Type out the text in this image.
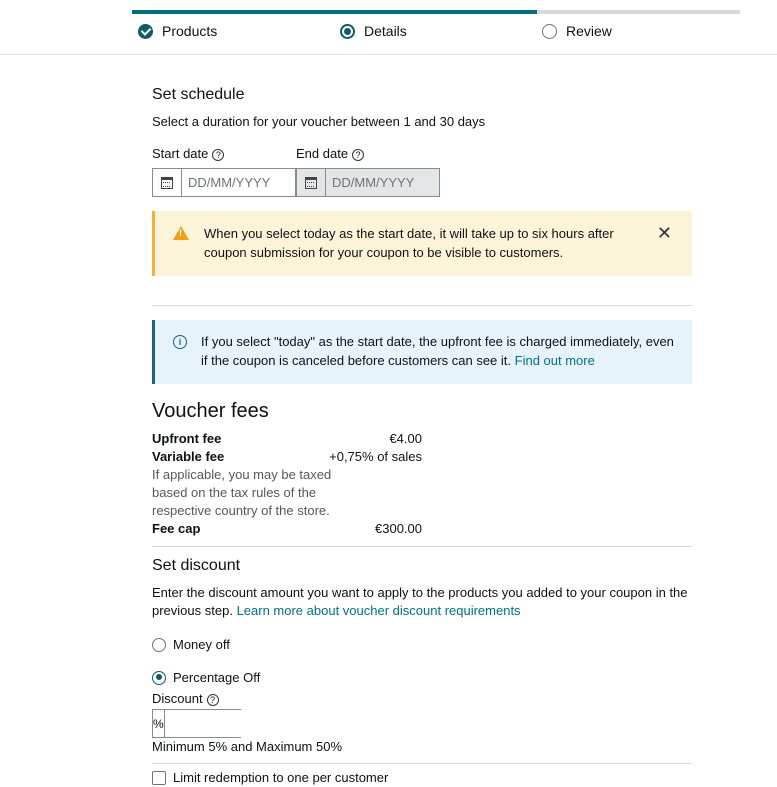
Products	Details	Review
Set schedule
Select a duration for your voucher between 1 and 30 days
Start date ?	End date ?
DD/MM/YYYY	DD/MM/YYYY
!
When you select today as the start date, it will take up to six hours after coupon submission for your coupon to be visible to customers.
✕
i	If you select "today" as the start date, the upfront fee is charged immediately, even if the coupon is canceled before customers can see it. Find out more
Voucher fees
Upfront fee	€4.00
Variable fee	+0,75% of sales
If applicable, you may be taxed based on the tax rules of the respective country of the store.
Fee cap	€300.00
Set discount
Enter the discount amount you want to apply to the products you added to your coupon in the previous step. Learn more about voucher discount requirements
Money off
Percentage Off
Discount ?
%
Minimum 5% and Maximum 50%
Limit redemption to one per customer
